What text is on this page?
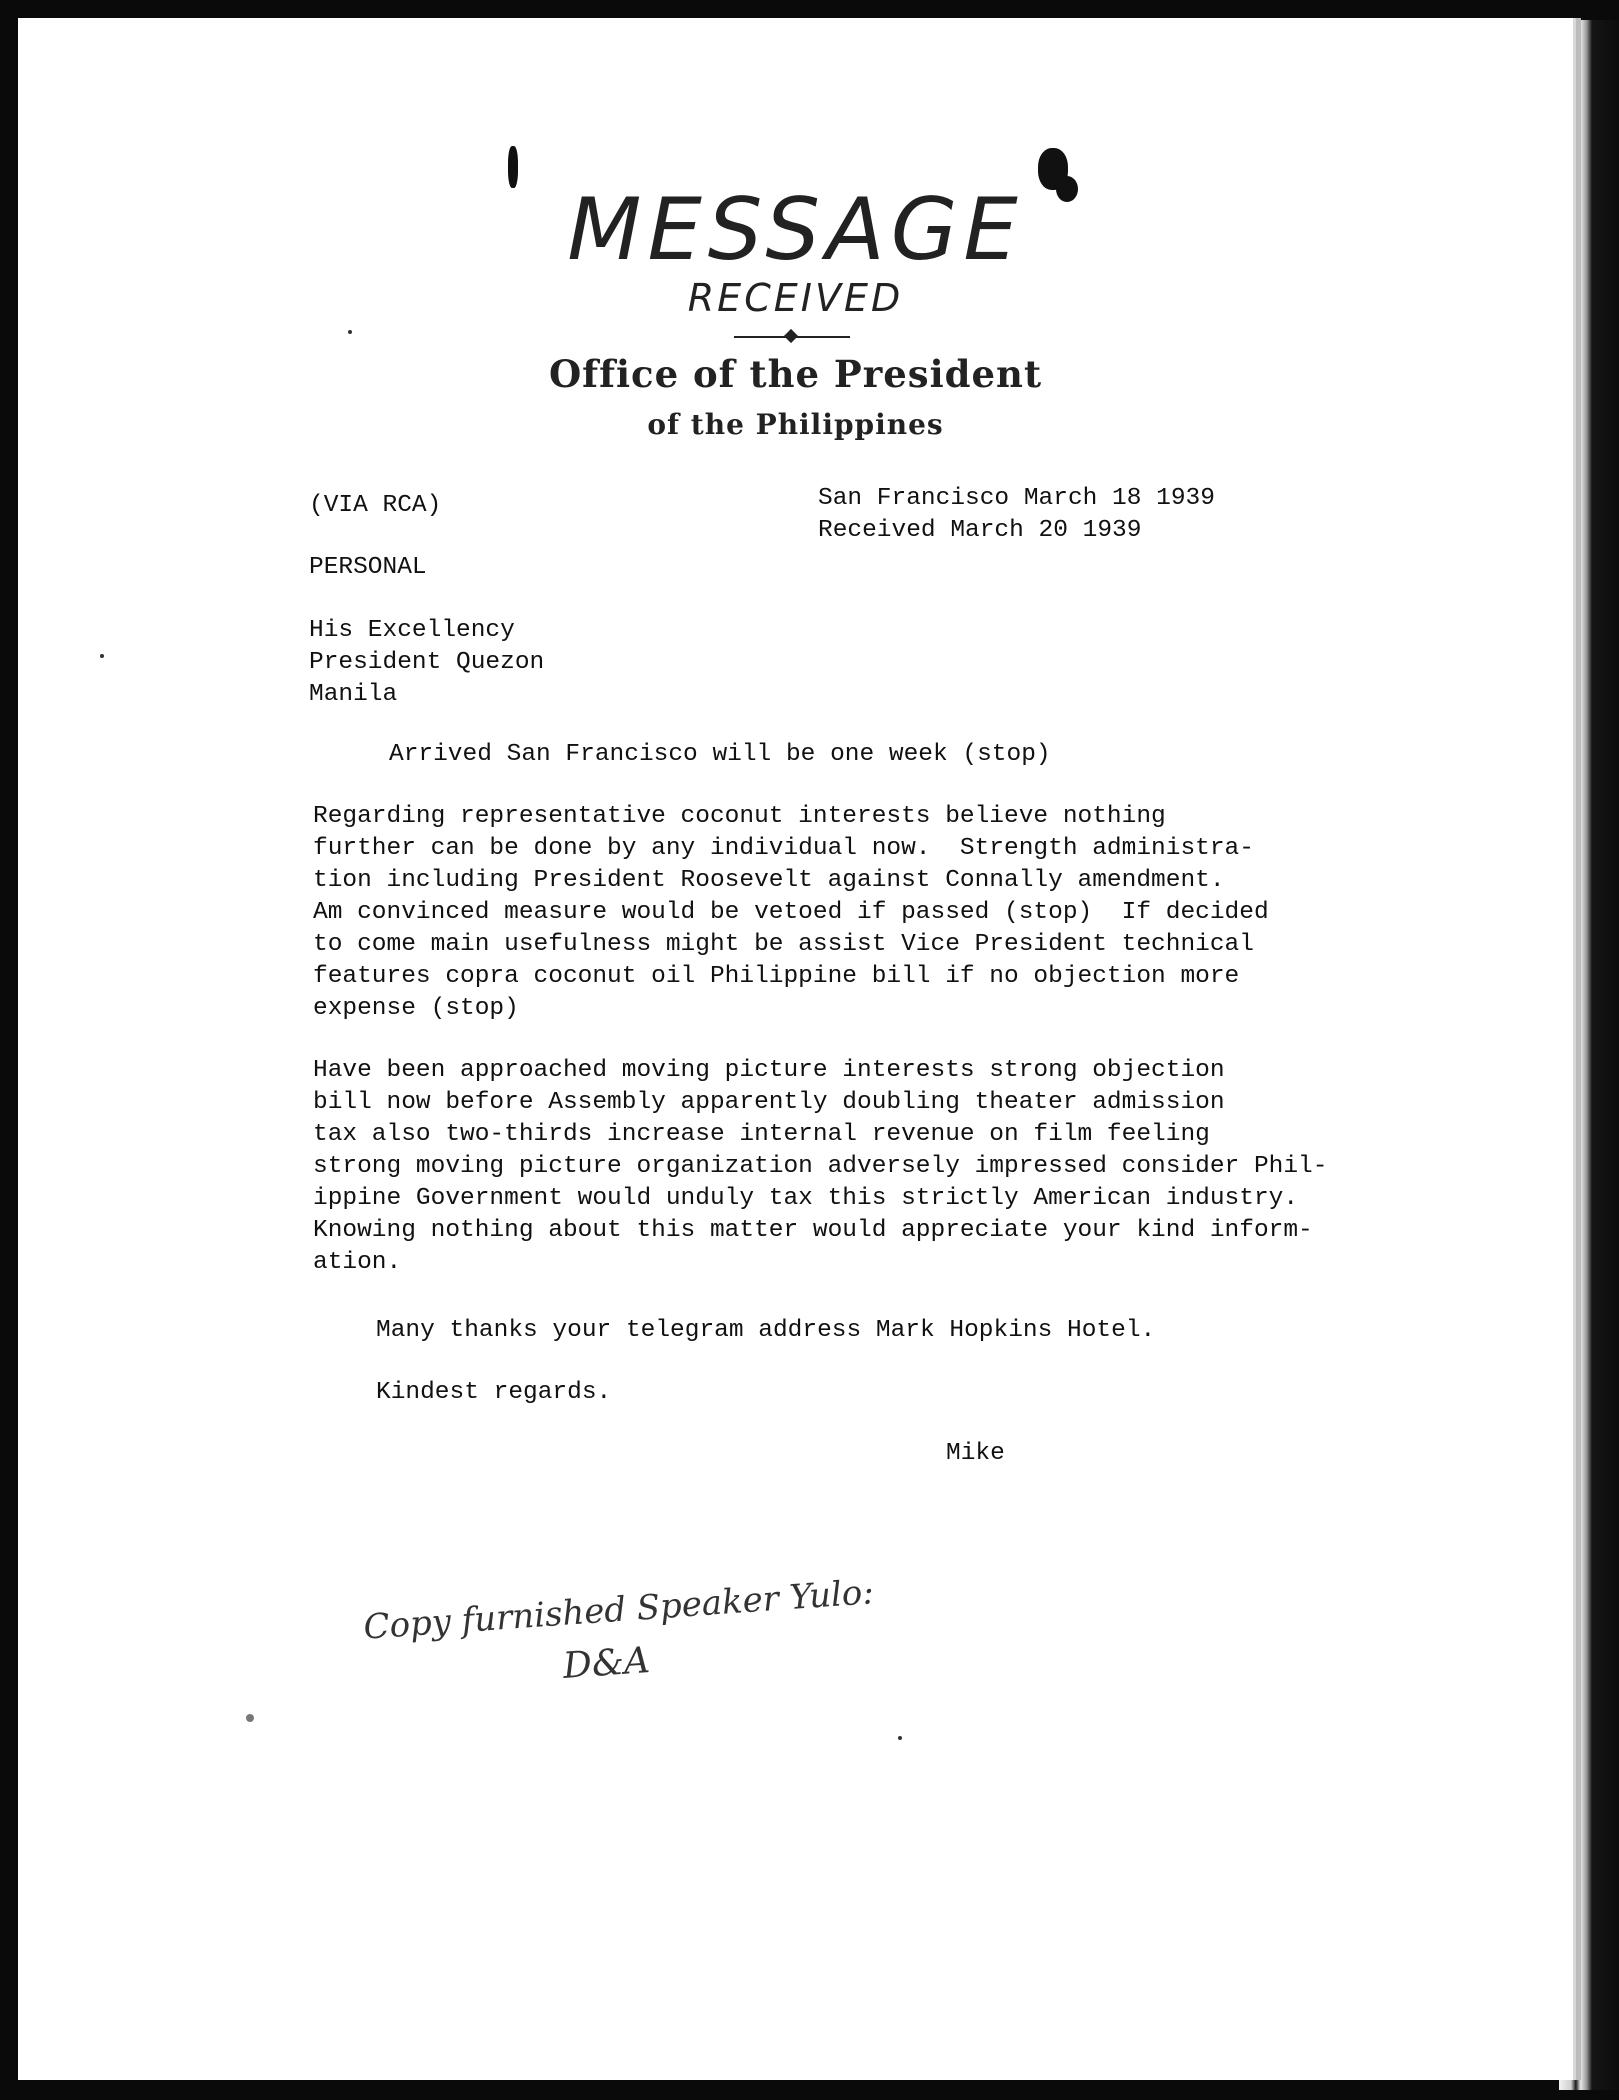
MESSAGE
RECEIVED
Office of the President
of the Philippines
(VIA RCA)	San Francisco March 18 1939
Received March 20 1939
PERSONAL
His Excellency
President Quezon
Manila
Arrived San Francisco will be one week (stop)
Regarding representative coconut interests believe nothing
further can be done by any individual now.  Strength administra-
tion including President Roosevelt against Connally amendment.
Am convinced measure would be vetoed if passed (stop)  If decided
to come main usefulness might be assist Vice President technical
features copra coconut oil Philippine bill if no objection more
expense (stop)
Have been approached moving picture interests strong objection
bill now before Assembly apparently doubling theater admission
tax also two-thirds increase internal revenue on film feeling
strong moving picture organization adversely impressed consider Phil-
ippine Government would unduly tax this strictly American industry.
Knowing nothing about this matter would appreciate your kind inform-
ation.
Many thanks your telegram address Mark Hopkins Hotel.
Kindest regards.
Mike
Copy furnished Speaker Yulo:
D&A
